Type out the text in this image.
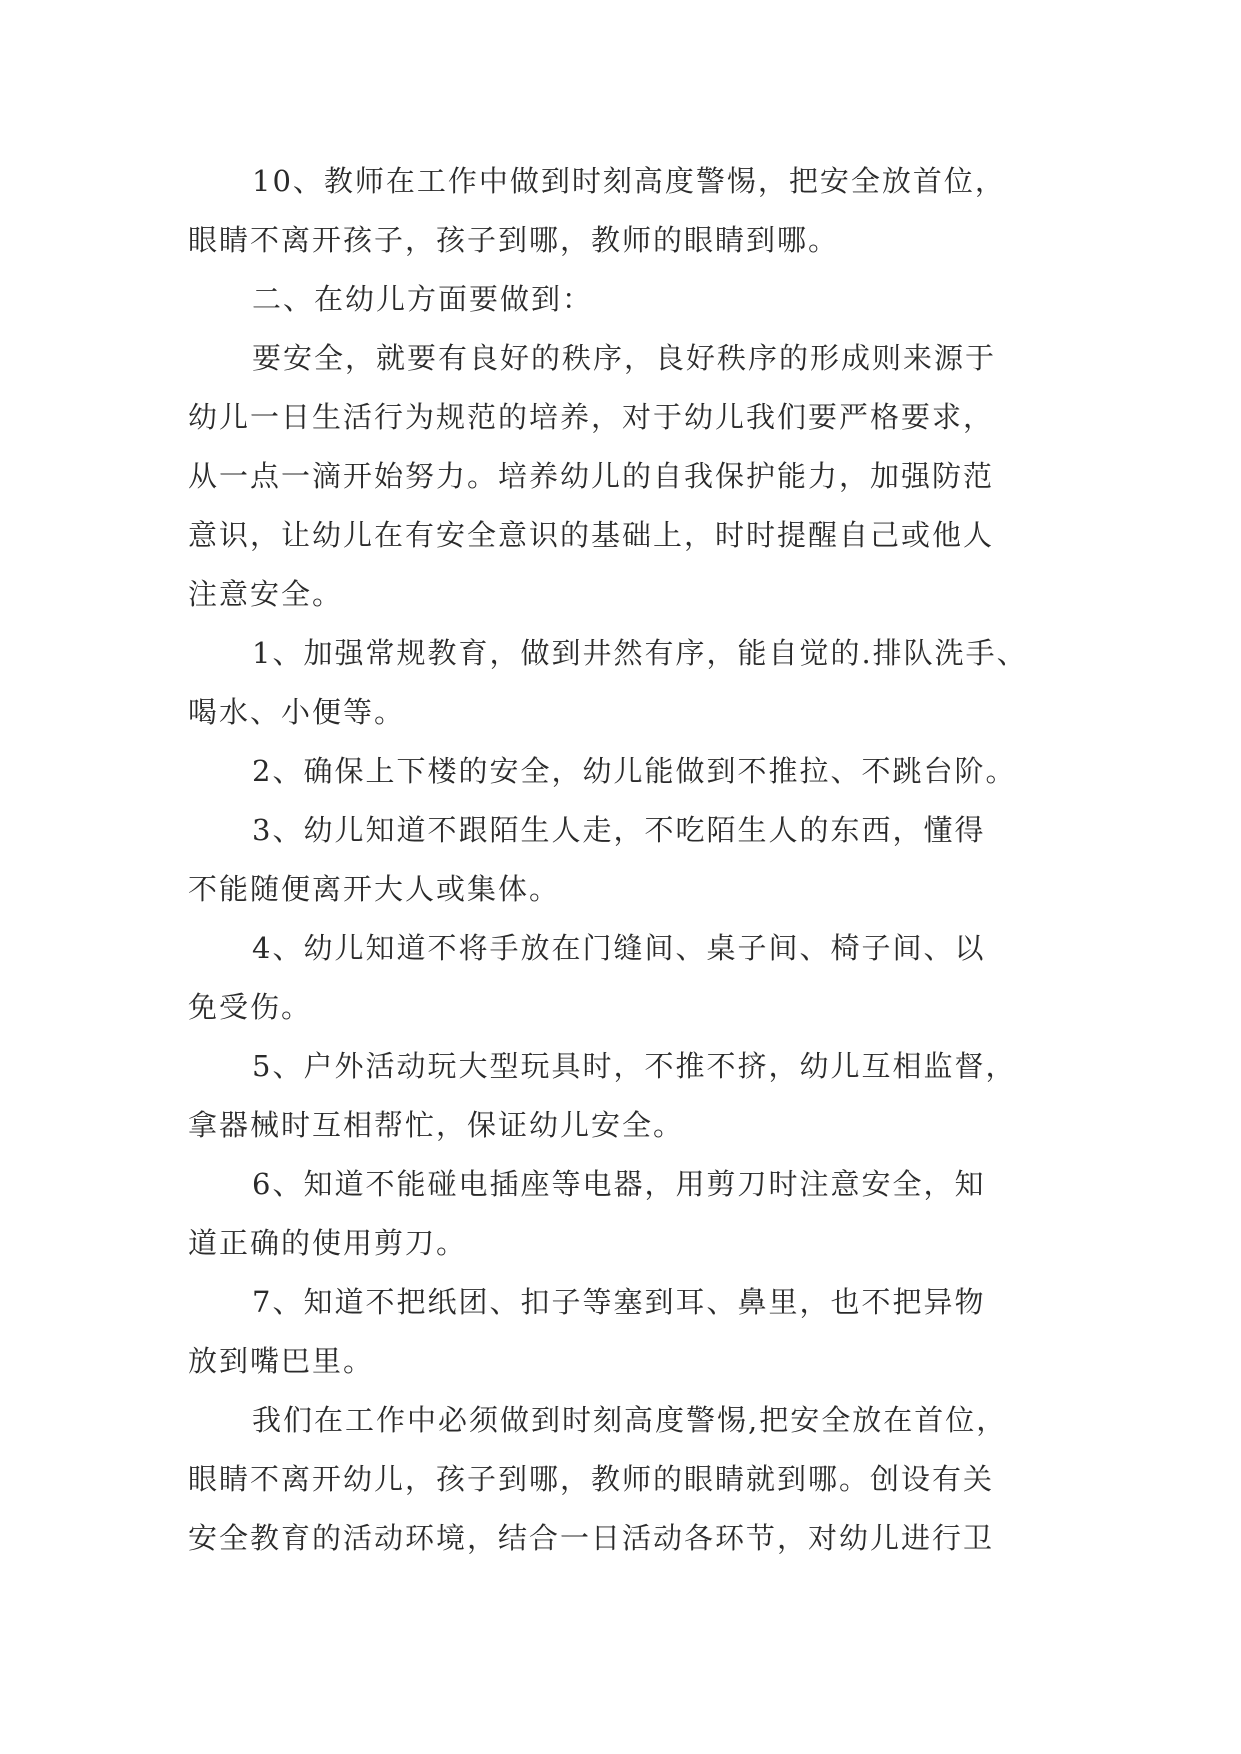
10、教师在工作中做到时刻高度警惕，把安全放首位，
眼睛不离开孩子，孩子到哪，教师的眼睛到哪。
二、在幼儿方面要做到：
要安全，就要有良好的秩序，良好秩序的形成则来源于
幼儿一日生活行为规范的培养，对于幼儿我们要严格要求，
从一点一滴开始努力。培养幼儿的自我保护能力，加强防范
意识，让幼儿在有安全意识的基础上，时时提醒自己或他人
注意安全。
1、加强常规教育，做到井然有序，能自觉的.排队洗手、
喝水、小便等。
2、确保上下楼的安全，幼儿能做到不推拉、不跳台阶。
3、幼儿知道不跟陌生人走，不吃陌生人的东西，懂得
不能随便离开大人或集体。
4、幼儿知道不将手放在门缝间、桌子间、椅子间、以
免受伤。
5、户外活动玩大型玩具时，不推不挤，幼儿互相监督，
拿器械时互相帮忙，保证幼儿安全。
6、知道不能碰电插座等电器，用剪刀时注意安全，知
道正确的使用剪刀。
7、知道不把纸团、扣子等塞到耳、鼻里，也不把异物
放到嘴巴里。
我们在工作中必须做到时刻高度警惕,把安全放在首位，
眼睛不离开幼儿，孩子到哪，教师的眼睛就到哪。创设有关
安全教育的活动环境，结合一日活动各环节，对幼儿进行卫
